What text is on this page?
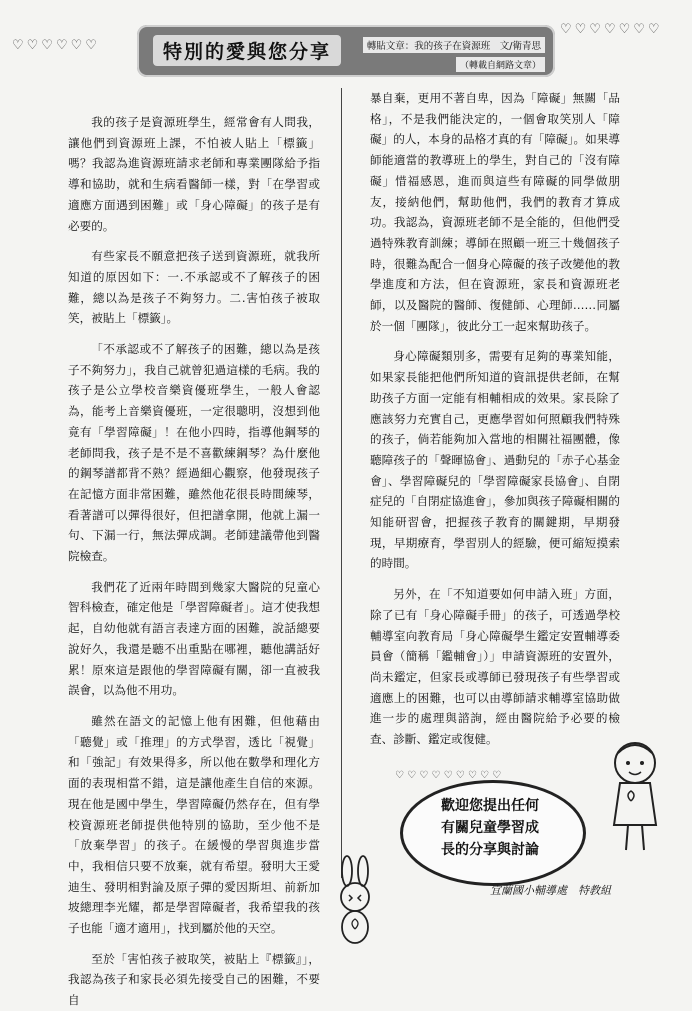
♡♡♡♡♡♡
♡♡♡♡♡♡♡
特別的愛與您分享	轉貼文章：我的孩子在資源班　文/衛青思
（轉載自網路文章）

我的孩子是資源班學生，經常會有人問我，讓他們到資源班上課，不怕被人貼上「標籤」嗎？我認為進資源班請求老師和專業團隊給予指導和協助，就和生病看醫師一樣，對「在學習或適應方面遇到困難」或「身心障礙」的孩子是有必要的。

有些家長不願意把孩子送到資源班，就我所知道的原因如下：一.不承認或不了解孩子的困難，總以為是孩子不夠努力。二.害怕孩子被取笑，被貼上「標籤」。

「不承認或不了解孩子的困難，總以為是孩子不夠努力」，我自己就曾犯過這樣的毛病。我的孩子是公立學校音樂資優班學生，一般人會認為，能考上音樂資優班，一定很聰明，沒想到他竟有「學習障礙」！在他小四時，指導他鋼琴的老師問我，孩子是不是不喜歡練鋼琴？為什麼他的鋼琴譜都背不熟？經過細心觀察，他發現孩子在記憶方面非常困難，雖然他花很長時間練琴，看著譜可以彈得很好，但把譜拿開，他就上漏一句、下漏一行，無法彈成調。老師建議帶他到醫院檢查。

我們花了近兩年時間到幾家大醫院的兒童心智科檢查，確定他是「學習障礙者」。這才使我想起，自幼他就有語言表達方面的困難，說話總要說好久，我還是聽不出重點在哪裡，聽他講話好累！原來這是跟他的學習障礙有關，卻一直被我誤會，以為他不用功。

雖然在語文的記憶上他有困難，但他藉由「聽覺」或「推理」的方式學習，透比「視覺」和「強記」有效果得多，所以他在數學和理化方面的表現相當不錯，這是讓他產生自信的來源。現在他是國中學生，學習障礙仍然存在，但有學校資源班老師提供他特別的協助，至少他不是「放棄學習」的孩子。在緩慢的學習與進步當中，我相信只要不放棄，就有希望。發明大王愛迪生、發明相對論及原子彈的愛因斯坦、前新加坡總理李光耀，都是學習障礙者，我希望我的孩子也能「適才適用」，找到屬於他的天空。

至於「害怕孩子被取笑，被貼上『標籤』」，我認為孩子和家長必須先接受自己的困難，不要自

暴自棄，更用不著自卑，因為「障礙」無關「品格」，不是我們能決定的，一個會取笑別人「障礙」的人，本身的品格才真的有「障礙」。如果導師能適當的教導班上的學生，對自己的「沒有障礙」惜福感恩，進而與這些有障礙的同學做朋友，接納他們，幫助他們，我們的教育才算成功。我認為，資源班老師不是全能的，但他們受過特殊教育訓練；導師在照顧一班三十幾個孩子時，很難為配合一個身心障礙的孩子改變他的教學進度和方法，但在資源班，家長和資源班老師，以及醫院的醫師、復健師、心理師……同屬於一個「團隊」，彼此分工一起來幫助孩子。

身心障礙類別多，需要有足夠的專業知能，如果家長能把他們所知道的資訊提供老師，在幫助孩子方面一定能有相輔相成的效果。家長除了應該努力充實自己，更應學習如何照顧我們特殊的孩子，倘若能夠加入當地的相關社福團體，像聽障孩子的「聲暉協會」、過動兒的「赤子心基金會」、學習障礙兒的「學習障礙家長協會」、自閉症兒的「自閉症協進會」，參加與孩子障礙相關的知能研習會，把握孩子教育的關鍵期，早期發現，早期療育，學習別人的經驗，便可縮短摸索的時間。

另外，在「不知道要如何申請入班」方面，除了已有「身心障礙手冊」的孩子，可透過學校輔導室向教育局「身心障礙學生鑑定安置輔導委員會（簡稱「鑑輔會」）」申請資源班的安置外，尚未鑑定，但家長或導師已發現孩子有些學習或適應上的困難，也可以由導師請求輔導室協助做進一步的處理與諮詢，經由醫院給予必要的檢查、診斷、鑑定或復健。

♡ ♡ ♡ ♡ ♡ ♡ ♡ ♡ ♡
歡迎您提出任何
有關兒童學習成
長的分享與討論
宜蘭國小輔導處　特教組
